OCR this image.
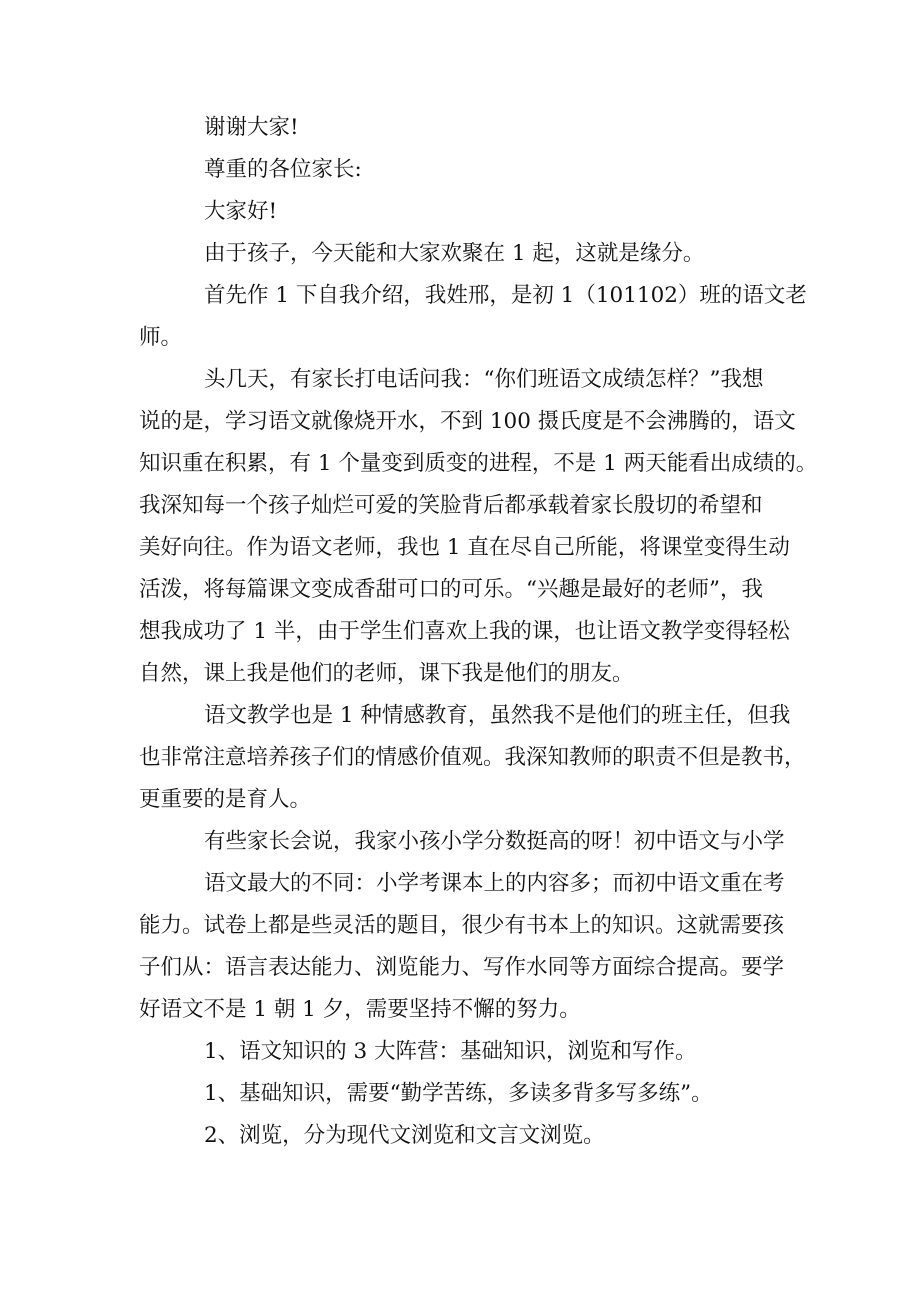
谢谢大家!
尊重的各位家长:
大家好!
由于孩子，今天能和大家欢聚在 1 起，这就是缘分。
首先作 1 下自我介绍，我姓邢，是初 1（101102）班的语文老
师。
头几天，有家长打电话问我：“你们班语文成绩怎样？”我想
说的是，学习语文就像烧开水，不到 100 摄氏度是不会沸腾的，语文
知识重在积累，有 1 个量变到质变的进程，不是 1 两天能看出成绩的。
我深知每一个孩子灿烂可爱的笑脸背后都承载着家长殷切的希望和
美好向往。作为语文老师，我也 1 直在尽自己所能，将课堂变得生动
活泼，将每篇课文变成香甜可口的可乐。“兴趣是最好的老师”，我
想我成功了 1 半，由于学生们喜欢上我的课，也让语文教学变得轻松
自然，课上我是他们的老师，课下我是他们的朋友。
语文教学也是 1 种情感教育，虽然我不是他们的班主任，但我
也非常注意培养孩子们的情感价值观。我深知教师的职责不但是教书，
更重要的是育人。
有些家长会说，我家小孩小学分数挺高的呀！初中语文与小学
语文最大的不同：小学考课本上的内容多；而初中语文重在考
能力。试卷上都是些灵活的题目，很少有书本上的知识。这就需要孩
子们从：语言表达能力、浏览能力、写作水同等方面综合提高。要学
好语文不是 1 朝 1 夕，需要坚持不懈的努力。
1、语文知识的 3 大阵营：基础知识，浏览和写作。
1、基础知识，需要“勤学苦练，多读多背多写多练”。
2、浏览，分为现代文浏览和文言文浏览。
